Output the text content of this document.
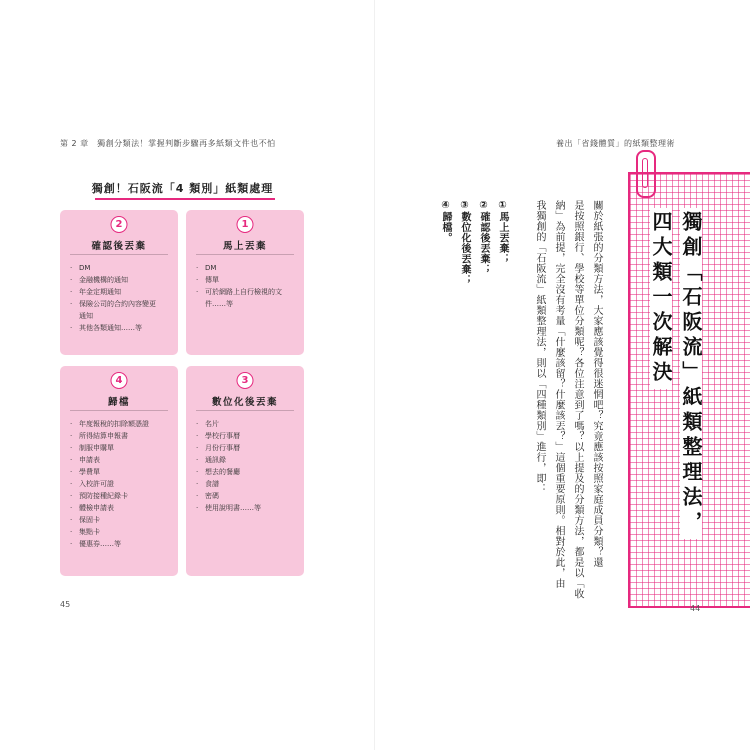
第 2 章　獨創分類法！掌握判斷步驟再多紙類文件也不怕
獨創！石阪流「4 類別」紙類處理
2
確認後丟棄
· DM
· 金融機構的通知
· 年金定期通知
· 保險公司的合約內容變更
通知
· 其他各類通知……等
1
馬上丟棄
· DM
· 傳單
· 可於網路上自行檢視的文
件……等
4
歸檔
· 年度報稅的扣除額憑證
· 所得結算申報書
· 制服申購單
· 申請表
· 學費單
· 入校許可證
· 預防接種紀錄卡
· 體檢申請表
· 保固卡
· 集點卡
· 優惠券……等
3
數位化後丟棄
· 名片
· 學校行事曆
· 月份行事曆
· 通訊錄
· 想去的餐廳
· 食譜
· 密碼
· 使用說明書……等
45
養出「省錢體質」的紙類整理術
獨創「石阪流」紙類整理法，
四大類一次解決
關於紙張的分類方法，大家應該覺得很迷惘吧？究竟應該按照家庭成員分類？還
是按照銀行、學校等單位分類呢？各位注意到了嗎？以上提及的分類方法，都是以「收
納」為前提，完全沒有考量「什麼該留？什麼該丟？」這個重要原則。相對於此，由
我獨創的「石阪流」紙類整理法，則以「四種類別」進行，即：
①馬上丟棄；
②確認後丟棄；
③數位化後丟棄；
④歸檔。
44
